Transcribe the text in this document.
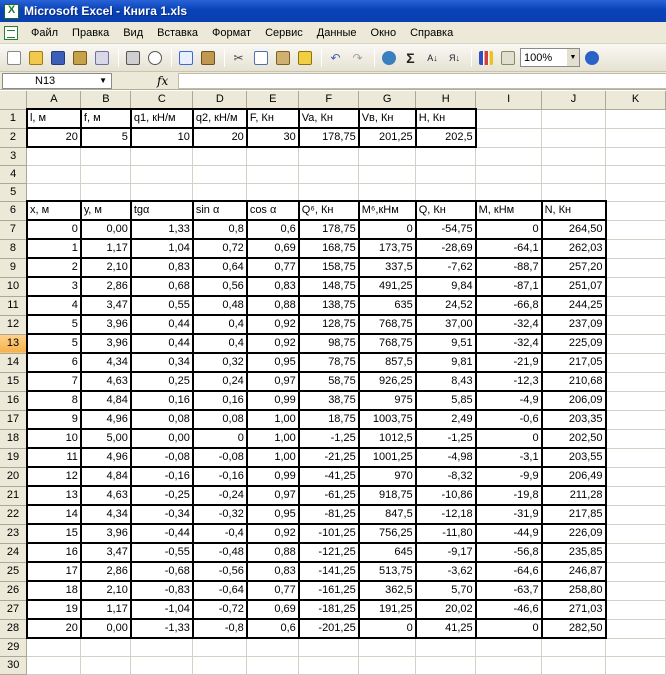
X
Microsoft Excel - Книга 1.xls
Файл	Правка	Вид	Вставка	Формат	Сервис	Данные	Окно	Справка
✂	↶ ↷	Σ	A↓	Я↓	100%	▼
N13	▼	fx
	A	B	C	D	E	F	G	H	I	J	K
1	l, м	f, м	q1, кН/м	q2, кН/м	F, Кн	Va, Кн	Vв, Кн	Н, Кн			
2	20	5	10	20	30	178,75	201,25	202,5			
3											
4											
5											
6	x, м	у, м	tgα	sin α	cos α	Q⁶, Кн	M⁶,кНм	Q, Кн	M, кНм	N, Кн	
7	0	0,00	1,33	0,8	0,6	178,75	0	-54,75	0	264,50	
8	1	1,17	1,04	0,72	0,69	168,75	173,75	-28,69	-64,1	262,03	
9	2	2,10	0,83	0,64	0,77	158,75	337,5	-7,62	-88,7	257,20	
10	3	2,86	0,68	0,56	0,83	148,75	491,25	9,84	-87,1	251,07	
11	4	3,47	0,55	0,48	0,88	138,75	635	24,52	-66,8	244,25	
12	5	3,96	0,44	0,4	0,92	128,75	768,75	37,00	-32,4	237,09	
13	5	3,96	0,44	0,4	0,92	98,75	768,75	9,51	-32,4	225,09	
14	6	4,34	0,34	0,32	0,95	78,75	857,5	9,81	-21,9	217,05	
15	7	4,63	0,25	0,24	0,97	58,75	926,25	8,43	-12,3	210,68	
16	8	4,84	0,16	0,16	0,99	38,75	975	5,85	-4,9	206,09	
17	9	4,96	0,08	0,08	1,00	18,75	1003,75	2,49	-0,6	203,35	
18	10	5,00	0,00	0	1,00	-1,25	1012,5	-1,25	0	202,50	
19	11	4,96	-0,08	-0,08	1,00	-21,25	1001,25	-4,98	-3,1	203,55	
20	12	4,84	-0,16	-0,16	0,99	-41,25	970	-8,32	-9,9	206,49	
21	13	4,63	-0,25	-0,24	0,97	-61,25	918,75	-10,86	-19,8	211,28	
22	14	4,34	-0,34	-0,32	0,95	-81,25	847,5	-12,18	-31,9	217,85	
23	15	3,96	-0,44	-0,4	0,92	-101,25	756,25	-11,80	-44,9	226,09	
24	16	3,47	-0,55	-0,48	0,88	-121,25	645	-9,17	-56,8	235,85	
25	17	2,86	-0,68	-0,56	0,83	-141,25	513,75	-3,62	-64,6	246,87	
26	18	2,10	-0,83	-0,64	0,77	-161,25	362,5	5,70	-63,7	258,80	
27	19	1,17	-1,04	-0,72	0,69	-181,25	191,25	20,02	-46,6	271,03	
28	20	0,00	-1,33	-0,8	0,6	-201,25	0	41,25	0	282,50	
29											
30											
